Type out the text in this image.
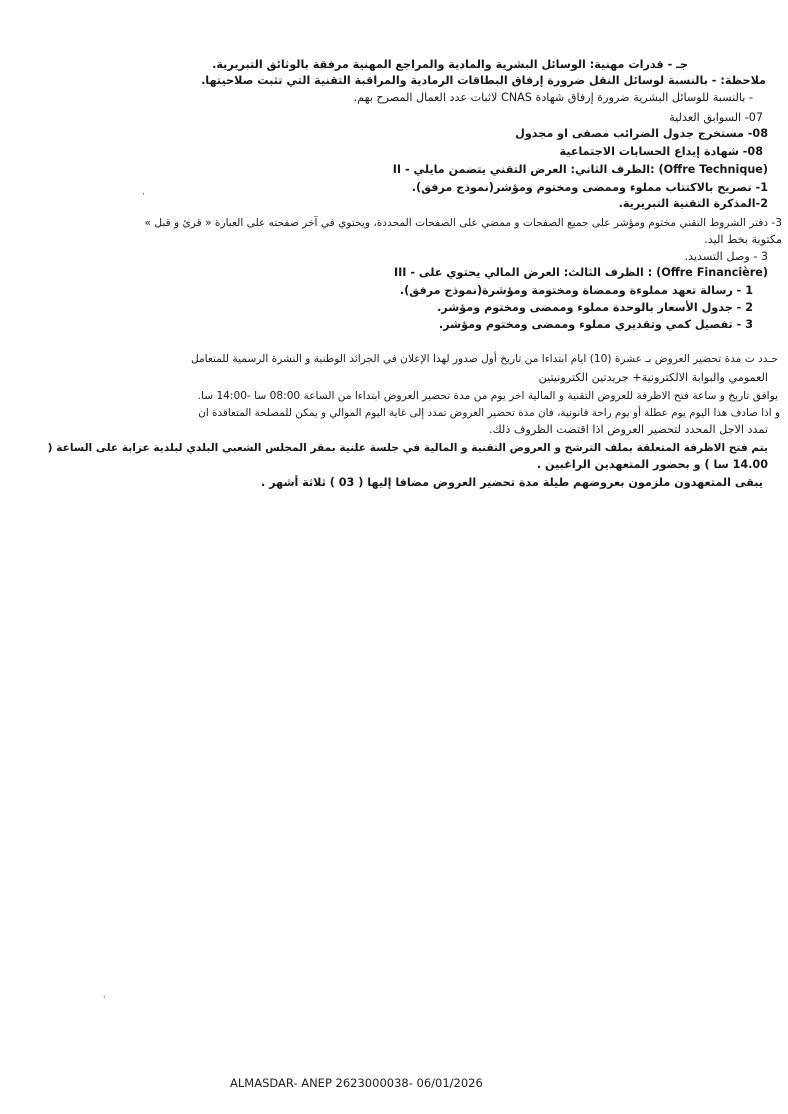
جـ - قدرات مهنية: الوسائل البشرية والمادية والمراجع المهنية مرفقة بالوثائق التبريرية.
ملاحظة: - بالنسبة لوسائل النقل ضرورة إرفاق البطاقات الرمادية والمراقبة التقنية التي تثبت صلاحيتها.
- بالنسبة للوسائل البشرية ضرورة إرفاق شهادة CNAS لاثبات عدد العمال المصرح بهم.
07- السوابق العدلية
08- مستخرج جدول الضرائب مصفى او مجدول
08- شهادة إيداع الحسابات الاجتماعية
II - الظرف الثاني: العرض التقني يتضمن مايلي: (Offre Technique)
1- تصريح بالاكتتاب مملوء وممضى ومختوم ومؤشر(نموذج مرفق).
2-المذكرة التقنية التبريرية.
3- دفتر الشروط التقني مختوم ومؤشر على جميع الصفحات و ممضي على الصفحات المحددة، ويحتوي في آخر صفحته على العبارة « قرئ و قبل »
مكتوبة بخط اليد.
3 - وصل التسديد.
III - الظرف الثالث: العرض المالي يحتوي على : (Offre Financière)
1 - رسالة تعهد مملوءة وممضاة ومختومة ومؤشرة(نموذج مرفق).
2 - جدول الأسعار بالوحدة مملوء وممضى ومختوم ومؤشر.
3 - تفصيل كمي وتقديري مملوء وممضى ومختوم ومؤشر.
حـدد ت مدة تحضير العروض بـ عشرة (10) ايام ابتداءا من تاريخ أول صدور لهذا الإعلان في الجرائد الوطنية و النشرة الرسمية للمتعامل
العمومي والبوابة الالكترونية+ جريدتين الكترونيتين
يوافق تاريخ و ساعة فتح الاظرفة للعروض التقنية و المالية اخر يوم من مدة تحضير العروض ابتداءا من الساعة 08:00 سا -14:00 سا.
و اذا صادف هذا اليوم يوم عطلة أو يوم راحة قانونية، فان مدة تحضير العروض تمدد إلى غاية اليوم الموالي و يمكن للمصلحة المتعاقدة ان
تمدد الاجل المحدد لتحضير العروض اذا اقتضت الظروف ذلك.
يتم فتح الاظرفة المتعلقة بملف الترشح و العروض التقنية و المالية في جلسة علنية بمقر المجلس الشعبي البلدي لبلدية عزابة على الساعة (
14.00 سا ) و بحضور المتعهدين الراغبين .
يبقى المتعهدون ملزمون بعروضهم طيلة مدة تحضير العروض مضافا إليها ( 03 ) ثلاثة أشهر .
,
'
ALMASDAR- ANEP 2623000038- 06/01/2026
